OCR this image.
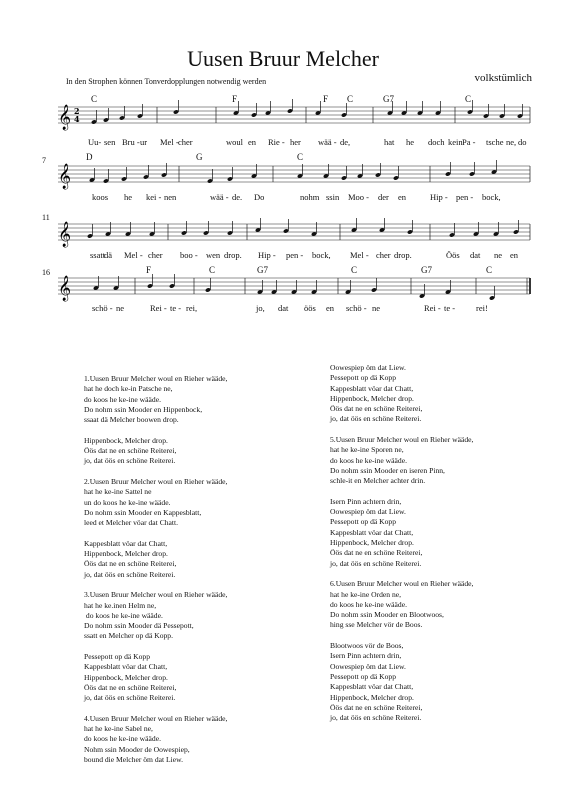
Uusen Bruur Melcher
In den Strophen können Tonverdopplungen notwendig werden	volkstümlich
𝄞 2
4
C	F	F C	G7	C
Uu- sen Bru - ur Mel - cher	woul en Rie - her wää - de,	hat he doch kein Pa - tsche ne, do
7
𝄞
D	G	C
koos he kei - nen	wää - de. Do	nohm ssin Moo - der en	Hip - pen - bock,
11
𝄞
ssatt
dä Mel - cher boo - wen drop. Hip - pen - bock, Mel - cher drop.	Öös dat ne en
16
𝄞
F	C	G7	C	G7	C
schö - ne	Rei - te - rei,	jo, dat öös en schö - ne	Rei - te - rei!
1.Uusen Bruur Melcher woul en Rieher wääde,
hat he doch ke-in Patsche ne,
do koos he ke-ine wääde.
Do nohm ssin Mooder en Hippenbock,
ssaat dä Melcher boowen drop.
Hippenbock, Melcher drop.
Öös dat ne en schöne Reiterei,
jo, dat öös en schöne Reiterei.
2.Uusen Bruur Melcher woul en Rieher wääde,
hat he ke-ine Sattel ne
un do koos he ke-ine wääde.
Do nohm ssin Mooder en Kappesblatt,
leed et Melcher vöar dat Chatt.
Kappesblatt vöar dat Chatt,
Hippenbock, Melcher drop.
Öös dat ne en schöne Reiterei,
jo, dat öös en schöne Reiterei.
3.Uusen Bruur Melcher woul en Rieher wääde,
hat he ke.inen Helm ne,
do koos he ke-ine wääde.
Do nohm ssin Mooder dä Pessepott,
ssatt en Melcher op dä Kopp.
Pessepott op dä Kopp
Kappesblatt vöar dat Chatt,
Hippenbock, Melcher drop.
Öös dat ne en schöne Reiterei,
jo, dat öös en schöne Reiterei.
4.Uusen Bruur Melcher woul en Rieher wääde,
hat he ke-ine Sabel ne,
do koos he ke-ine wääde.
Nohm ssin Mooder de Oowespiep,
bound die Melcher öm dat Liew.
Oowespiep öm dat Liew.
Pessepott op dä Kopp
Kappesblatt vöar dat Chatt,
Hippenbock, Melcher drop.
Öös dat ne en schöne Reiterei,
jo, dat öös en schöne Reiterei.
5.Uusen Bruur Melcher woul en Rieher wääde,
hat he ke-ine Sporen ne,
do koos he ke-ine wääde.
Do nohm ssin Mooder en iseren Pinn,
schle-it en Melcher achter drin.
Isern Pinn achtern drin,
Oowespiep öm dat Liew.
Pessepott op dä Kopp
Kappesblatt vöar dat Chatt,
Hippenbock, Melcher drop.
Öös dat ne en schöne Reiterei,
jo, dat öös en schöne Reiterei.
6.Uusen Bruur Melcher woul en Rieher wääde,
hat he ke-ine Orden ne,
do koos he ke-ine wääde.
Do nohm ssin Mooder en Blootwoos,
hing sse Melcher vör de Boos.
Blootwoos vör de Boos,
Isern Pinn achtern drin,
Oowespiep öm dat Liew.
Pessepott op dä Kopp
Kappesblatt vöar dat Chatt,
Hippenbock, Melcher drop.
Öös dat ne en schöne Reiterei,
jo, dat öös en schöne Reiterei.
